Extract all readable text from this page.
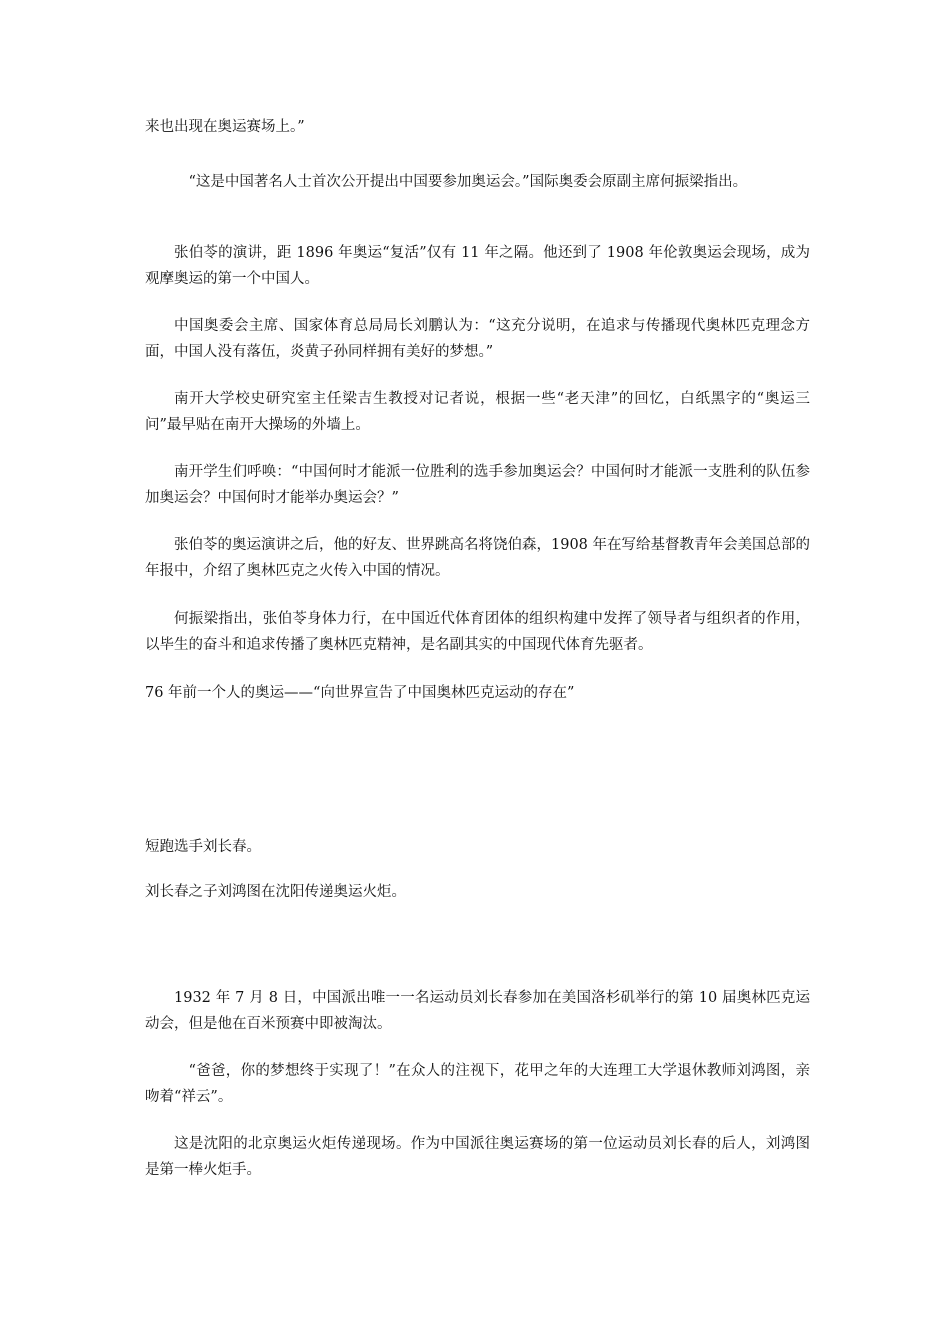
来也出现在奥运赛场上。”

“这是中国著名人士首次公开提出中国要参加奥运会。”国际奥委会原副主席何振梁指出。

张伯苓的演讲，距 1896 年奥运“复活”仅有 11 年之隔。他还到了 1908 年伦敦奥运会现场，成为观摩奥运的第一个中国人。

中国奥委会主席、国家体育总局局长刘鹏认为：“这充分说明，在追求与传播现代奥林匹克理念方面，中国人没有落伍，炎黄子孙同样拥有美好的梦想。”

南开大学校史研究室主任梁吉生教授对记者说，根据一些“老天津”的回忆，白纸黑字的“奥运三问”最早贴在南开大操场的外墙上。

南开学生们呼唤：“中国何时才能派一位胜利的选手参加奥运会？中国何时才能派一支胜利的队伍参加奥运会？中国何时才能举办奥运会？”

张伯苓的奥运演讲之后，他的好友、世界跳高名将饶伯森，1908 年在写给基督教青年会美国总部的年报中，介绍了奥林匹克之火传入中国的情况。

何振梁指出，张伯苓身体力行，在中国近代体育团体的组织构建中发挥了领导者与组织者的作用，以毕生的奋斗和追求传播了奥林匹克精神，是名副其实的中国现代体育先驱者。

76 年前一个人的奥运——“向世界宣告了中国奥林匹克运动的存在”

短跑选手刘长春。

刘长春之子刘鸿图在沈阳传递奥运火炬。

1932 年 7 月 8 日，中国派出唯一一名运动员刘长春参加在美国洛杉矶举行的第 10 届奥林匹克运动会，但是他在百米预赛中即被淘汰。

“爸爸，你的梦想终于实现了！”在众人的注视下，花甲之年的大连理工大学退休教师刘鸿图，亲吻着“祥云”。

这是沈阳的北京奥运火炬传递现场。作为中国派往奥运赛场的第一位运动员刘长春的后人，刘鸿图是第一棒火炬手。
